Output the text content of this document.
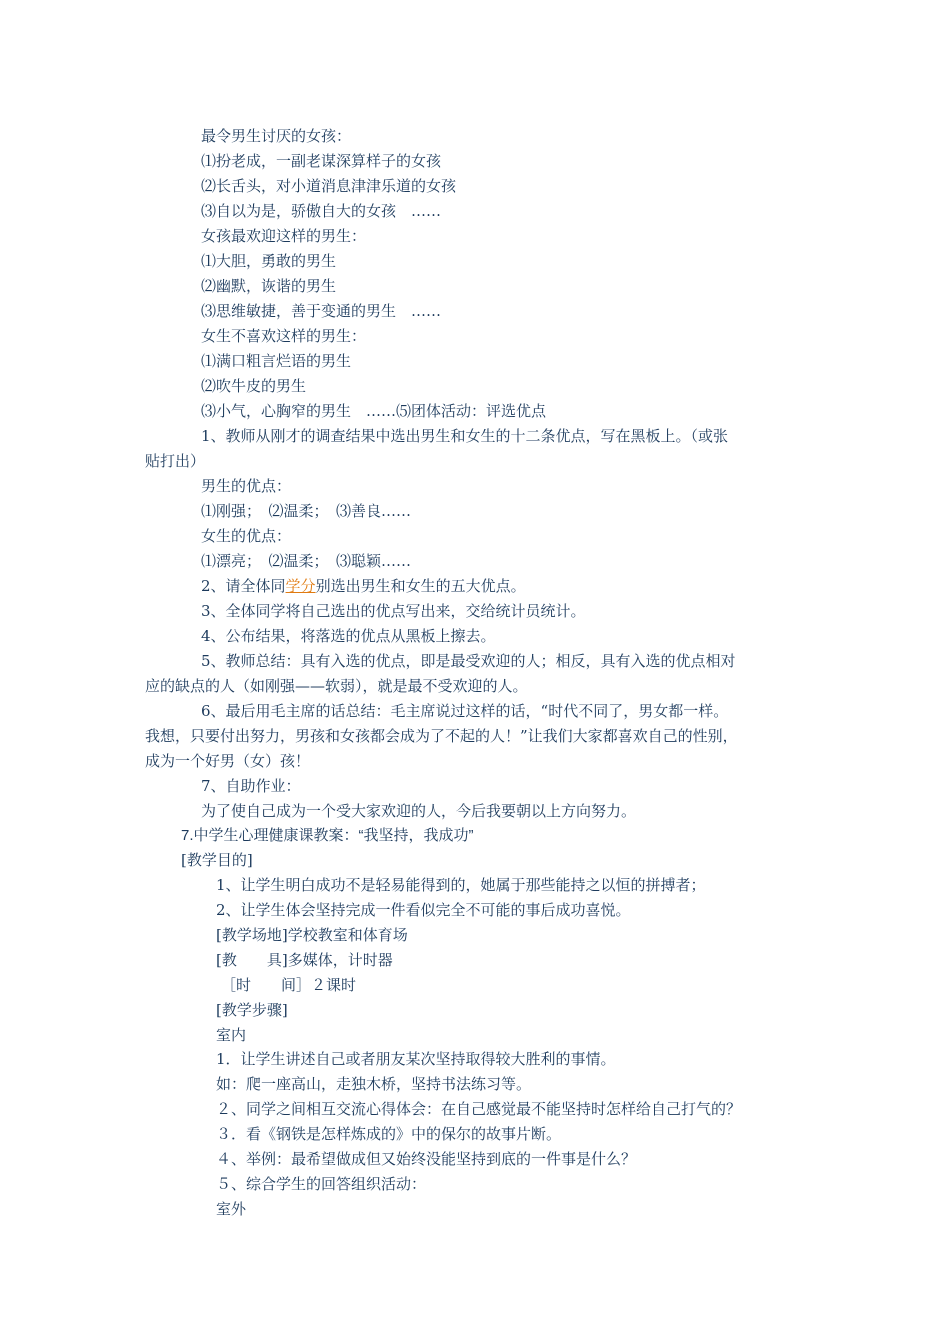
最令男生讨厌的女孩：
⑴扮老成，一副老谋深算样子的女孩
⑵长舌头，对小道消息津津乐道的女孩
⑶自以为是，骄傲自大的女孩　……
女孩最欢迎这样的男生：
⑴大胆，勇敢的男生
⑵幽默，诙谐的男生
⑶思维敏捷，善于变通的男生　……
女生不喜欢这样的男生：
⑴满口粗言烂语的男生
⑵吹牛皮的男生
⑶小气，心胸窄的男生　……⑸团体活动：评选优点
1、教师从刚才的调查结果中选出男生和女生的十二条优点，写在黑板上。（或张
贴打出）
男生的优点：
⑴刚强；　⑵温柔；　⑶善良……
女生的优点：
⑴漂亮；　⑵温柔；　⑶聪颖……
2、请全体同学分别选出男生和女生的五大优点。
3、全体同学将自己选出的优点写出来，交给统计员统计。
4、公布结果，将落选的优点从黑板上擦去。
5、教师总结：具有入选的优点，即是最受欢迎的人；相反，具有入选的优点相对
应的缺点的人（如刚强——软弱），就是最不受欢迎的人。
6、最后用毛主席的话总结：毛主席说过这样的话，“时代不同了，男女都一样。
我想，只要付出努力，男孩和女孩都会成为了不起的人！”让我们大家都喜欢自己的性别，
成为一个好男（女）孩！
7、自助作业：
为了使自己成为一个受大家欢迎的人，今后我要朝以上方向努力。
7.中学生心理健康课教案：“我坚持，我成功”
[教学目的]
1、让学生明白成功不是轻易能得到的，她属于那些能持之以恒的拼搏者；
2、让学生体会坚持完成一件看似完全不可能的事后成功喜悦。
[教学场地]学校教室和体育场
[教　　具]多媒体，计时器
［时　　间］２课时
[教学步骤]
室内
1．让学生讲述自己或者朋友某次坚持取得较大胜利的事情。
如：爬一座高山，走独木桥，坚持书法练习等。
２、同学之间相互交流心得体会：在自己感觉最不能坚持时怎样给自己打气的？
３．看《钢铁是怎样炼成的》中的保尔的故事片断。
４、举例：最希望做成但又始终没能坚持到底的一件事是什么？
５、综合学生的回答组织活动：
室外
